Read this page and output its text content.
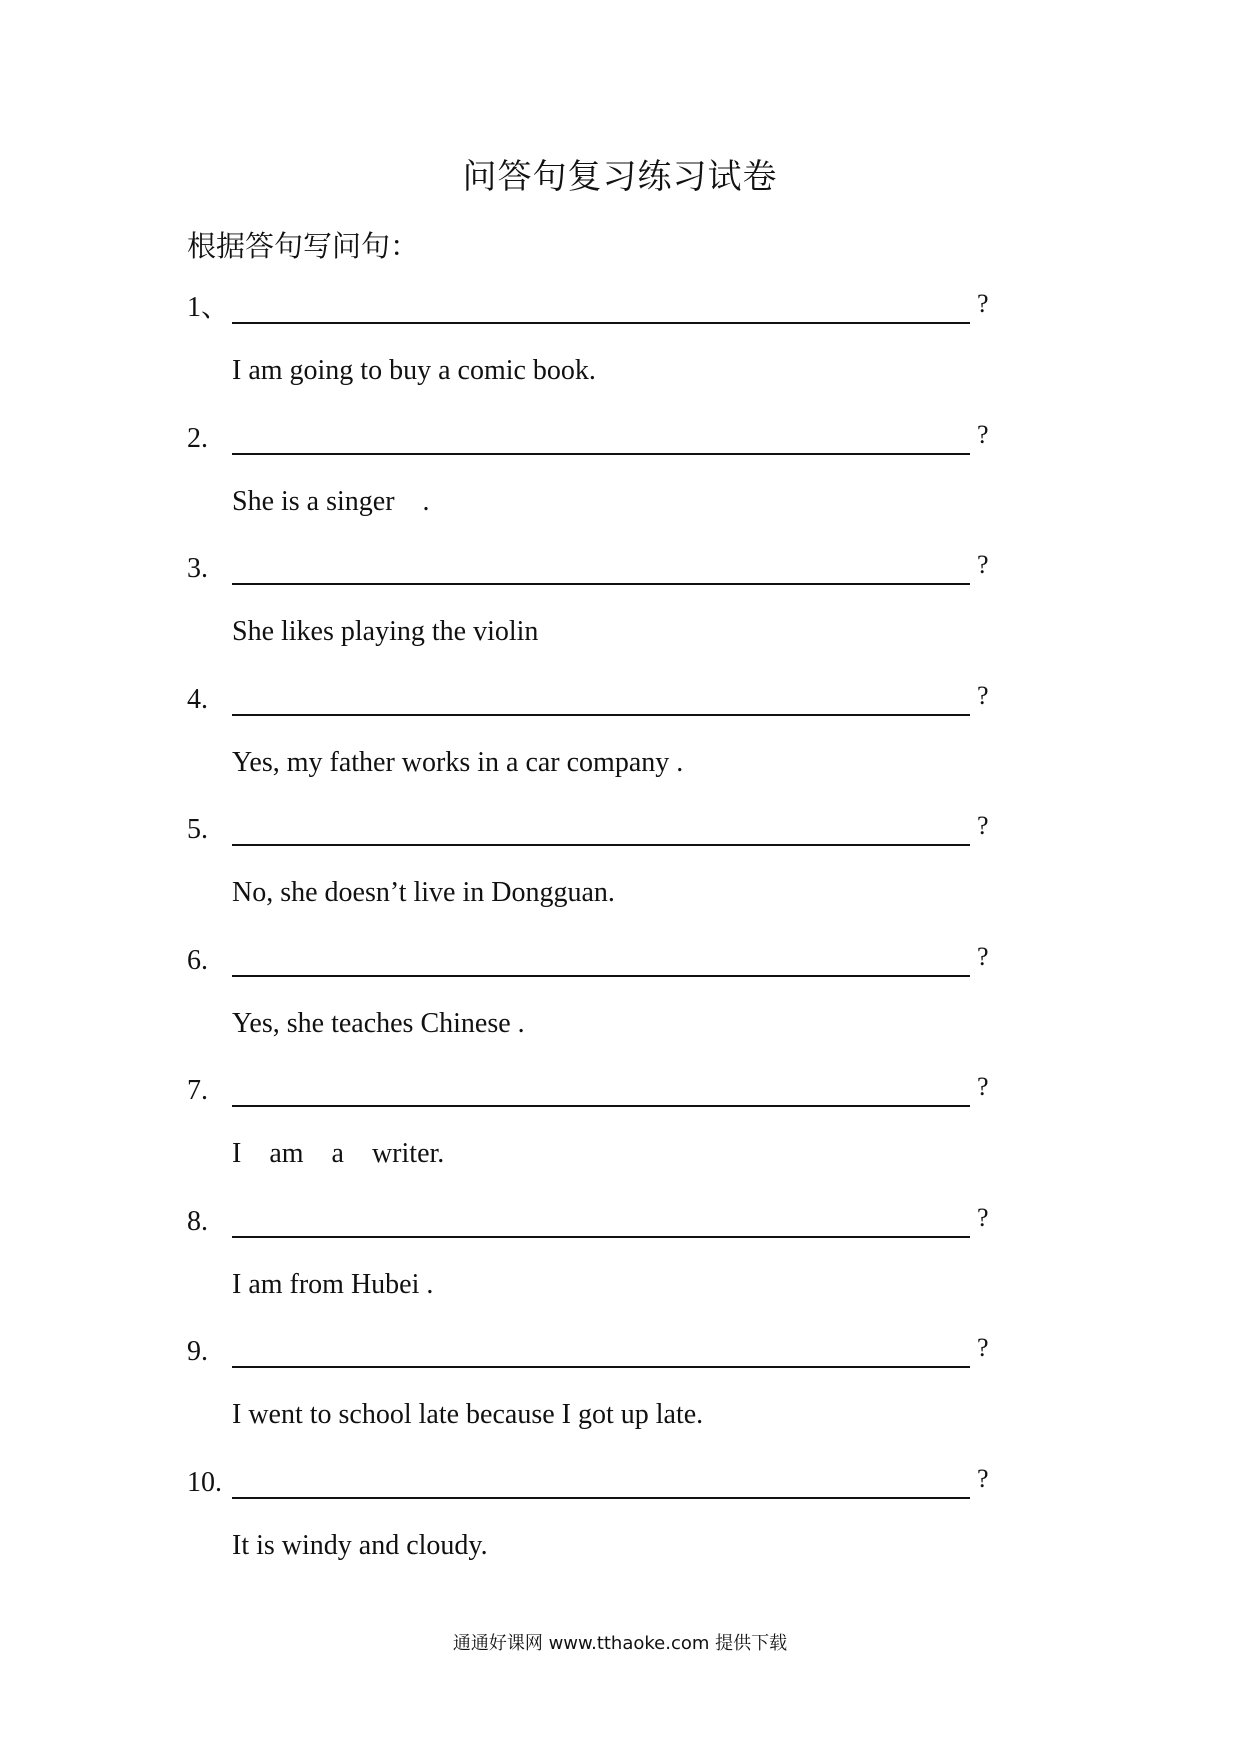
问答句复习练习试卷
根据答句写问句：
1、	?
I am going to buy a comic book.
2.	?
She is a singer    .
3.	?
She likes playing the violin
4.	?
Yes, my father works in a car company .
5.	?
No, she doesn’t live in Dongguan.
6.	?
Yes, she teaches Chinese .
7.	?
I    am    a    writer.
8.	?
I am from Hubei .
9.	?
I went to school late because I got up late.
10.	?
It is windy and cloudy.
通通好课网 www.tthaoke.com 提供下载
